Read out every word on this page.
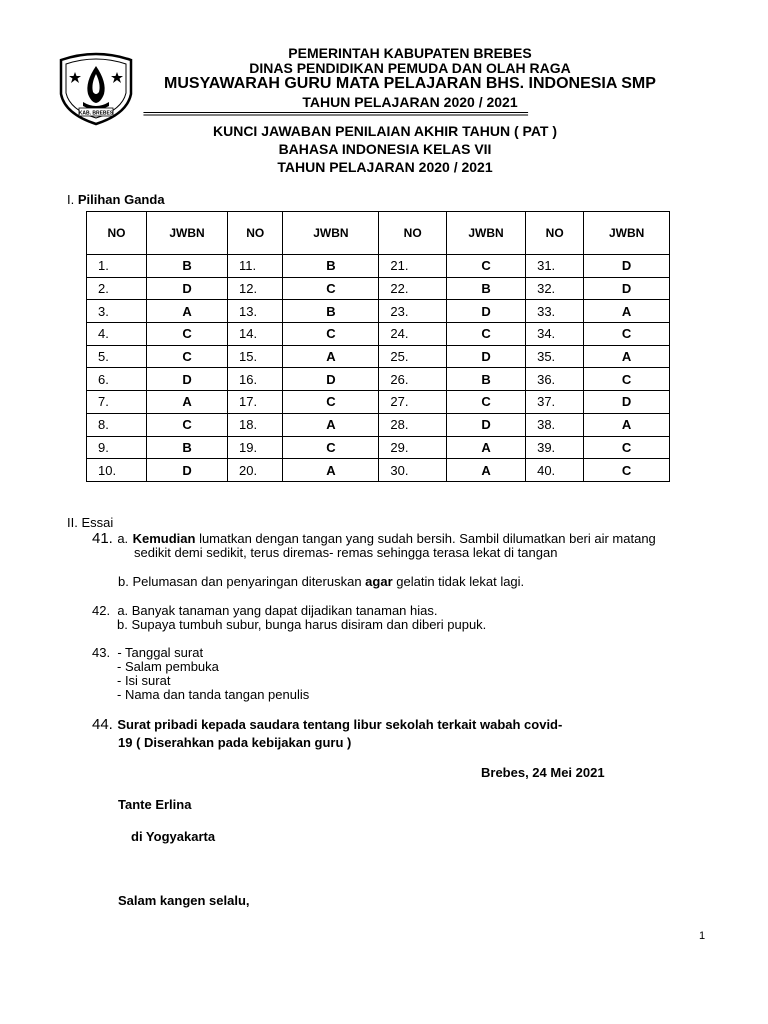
KAB. BREBES
PEMERINTAH KABUPATEN BREBES
DINAS PENDIDIKAN PEMUDA DAN OLAH RAGA
MUSYAWARAH GURU MATA PELAJARAN BHS. INDONESIA SMP
TAHUN PELAJARAN 2020 / 2021
================================================================================================
KUNCI JAWABAN PENILAIAN AKHIR TAHUN ( PAT )
BAHASA INDONESIA KELAS VII
TAHUN PELAJARAN 2020 / 2021
I. Pilihan Ganda
NO	JWBN	NO	JWBN	NO	JWBN	NO	JWBN
1.	B	11.	B	21.	C	31.	D
2.	D	12.	C	22.	B	32.	D
3.	A	13.	B	23.	D	33.	A
4.	C	14.	C	24.	C	34.	C
5.	C	15.	A	25.	D	35.	A
6.	D	16.	D	26.	B	36.	C
7.	A	17.	C	27.	C	37.	D
8.	C	18.	A	28.	D	38.	A
9.	B	19.	C	29.	A	39.	C
10.	D	20.	A	30.	A	40.	C
II. Essai
41. a. Kemudian lumatkan dengan tangan yang sudah bersih. Sambil dilumatkan beri air matang
sedikit demi sedikit, terus diremas- remas sehingga terasa lekat di tangan
b. Pelumasan dan penyaringan diteruskan agar gelatin tidak lekat lagi.
42. a. Banyak tanaman yang dapat dijadikan tanaman hias.
b. Supaya tumbuh subur, bunga harus disiram dan diberi pupuk.
43. - Tanggal surat
- Salam pembuka
- Isi surat
- Nama dan tanda tangan penulis
44. Surat pribadi kepada saudara tentang libur sekolah terkait wabah covid-
19 ( Diserahkan pada kebijakan guru )
Brebes, 24 Mei 2021
Tante Erlina
di Yogyakarta
Salam kangen selalu,
1
